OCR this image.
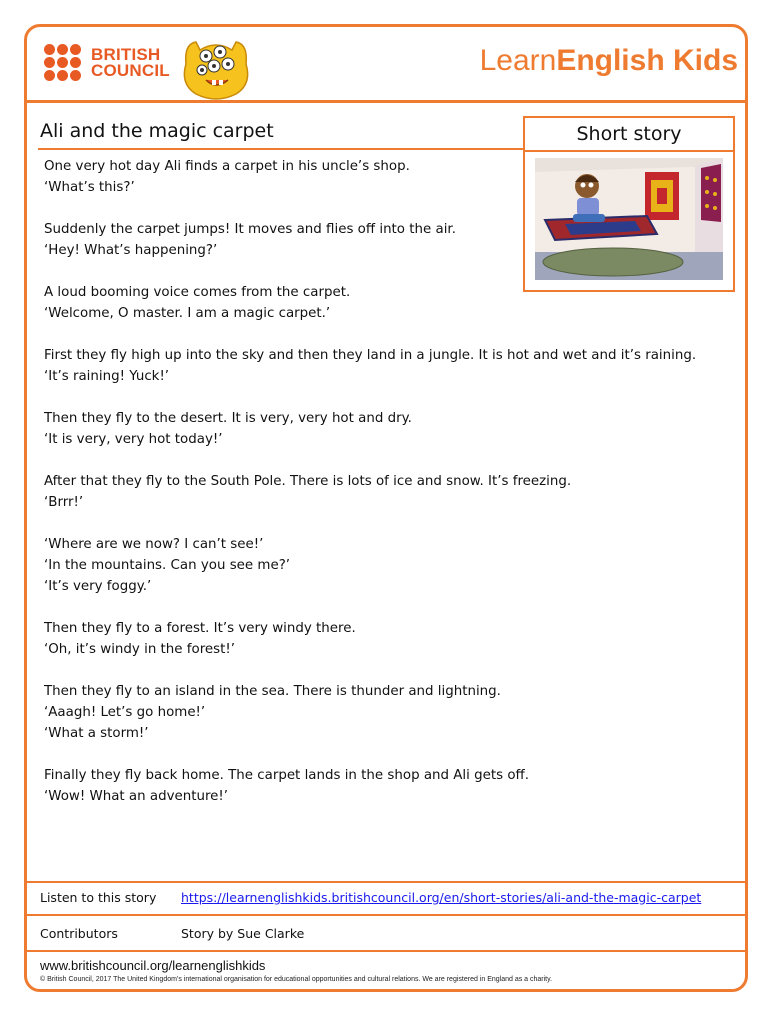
BRITISH
COUNCIL	LearnEnglish Kids
Ali and the magic carpet	Short story
One very hot day Ali finds a carpet in his uncle’s shop.
‘What’s this?’
Suddenly the carpet jumps! It moves and flies off into the air.
‘Hey! What’s happening?’
A loud booming voice comes from the carpet.
‘Welcome, O master. I am a magic carpet.’
First they fly high up into the sky and then they land in a jungle. It is hot and wet and it’s raining.
‘It’s raining! Yuck!’
Then they fly to the desert. It is very, very hot and dry.
‘It is very, very hot today!’
After that they fly to the South Pole. There is lots of ice and snow. It’s freezing.
‘Brrr!’
‘Where are we now? I can’t see!’
‘In the mountains. Can you see me?’
‘It’s very foggy.’
Then they fly to a forest. It’s very windy there.
‘Oh, it’s windy in the forest!’
Then they fly to an island in the sea. There is thunder and lightning.
‘Aaagh! Let’s go home!’
‘What a storm!’
Finally they fly back home. The carpet lands in the shop and Ali gets off.
‘Wow! What an adventure!’
Listen to this story https://learnenglishkids.britishcouncil.org/en/short-stories/ali-and-the-magic-carpet
Contributors	Story by Sue Clarke
www.britishcouncil.org/learnenglishkids
© British Council, 2017 The United Kingdom’s international organisation for educational opportunities and cultural relations. We are registered in England as a charity.
